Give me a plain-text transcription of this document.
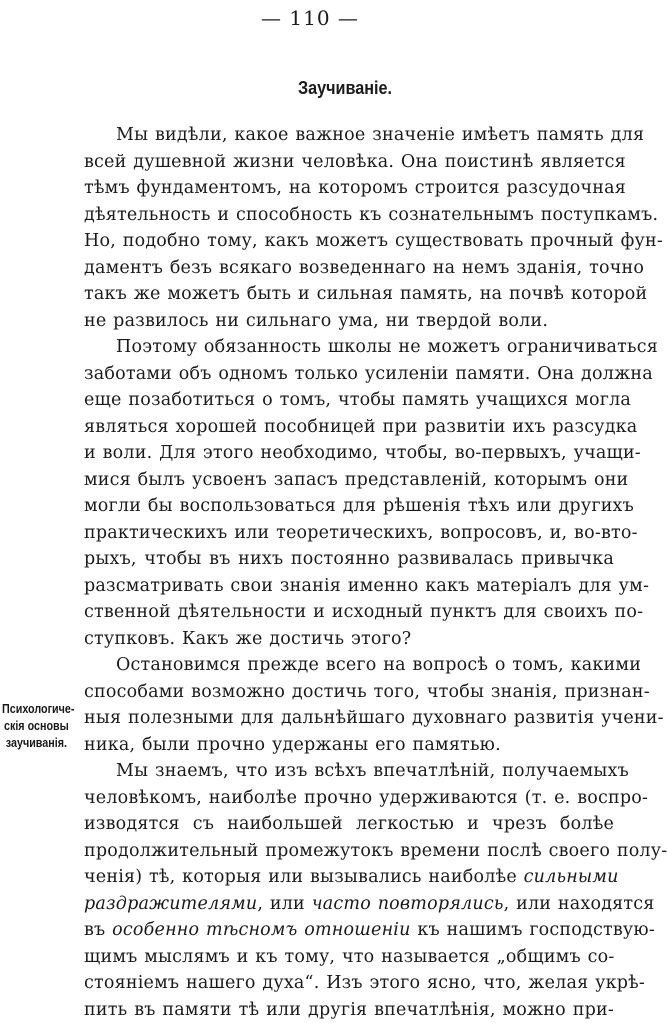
— 110 —
Заучиваніе.
Психологиче-
скія основы
заучиванія.
Мы видѣли, какое важное значеніе имѣетъ память для
всей душевной жизни человѣка. Она поистинѣ является
тѣмъ фундаментомъ, на которомъ строится разсудочная
дѣятельность и способность къ сознательнымъ поступкамъ.
Но, подобно тому, какъ можетъ существовать прочный фун-
даментъ безъ всякаго возведеннаго на немъ зданія, точно
такъ же можетъ быть и сильная память, на почвѣ которой
не развилось ни сильнаго ума, ни твердой воли.
Поэтому обязанность школы не можетъ ограничиваться
заботами объ одномъ только усиленіи памяти. Она должна
еще позаботиться о томъ, чтобы память учащихся могла
являться хорошей пособницей при развитіи ихъ разсудка
и воли. Для этого необходимо, чтобы, во-первыхъ, учащи-
мися былъ усвоенъ запасъ представленій, которымъ они
могли бы воспользоваться для рѣшенія тѣхъ или другихъ
практическихъ или теоретическихъ, вопросовъ, и, во-вто-
рыхъ, чтобы въ нихъ постоянно развивалась привычка
разсматривать свои знанія именно какъ матеріалъ для ум-
ственной дѣятельности и исходный пунктъ для своихъ по-
ступковъ. Какъ же достичь этого?
Остановимся прежде всего на вопросѣ о томъ, какими
способами возможно достичь того, чтобы знанія, признан-
ныя полезными для дальнѣйшаго духовнаго развитія учени-
ника, были прочно удержаны его памятью.
Мы знаемъ, что изъ всѣхъ впечатлѣній, получаемыхъ
человѣкомъ, наиболѣе прочно удерживаются (т. е. воспро-
изводятся съ наибольшей легкостью и чрезъ болѣе
продолжительный промежутокъ времени послѣ своего полу-
ченія) тѣ, которыя или вызывались наиболѣе сильными
раздражителями, или часто повторялись, или находятся
въ особенно тѣсномъ отношеніи къ нашимъ господствую-
щимъ мыслямъ и къ тому, что называется „общимъ со-
стояніемъ нашего духа“. Изъ этого ясно, что, желая укрѣ-
пить въ памяти тѣ или другія впечатлѣнія, можно при-
